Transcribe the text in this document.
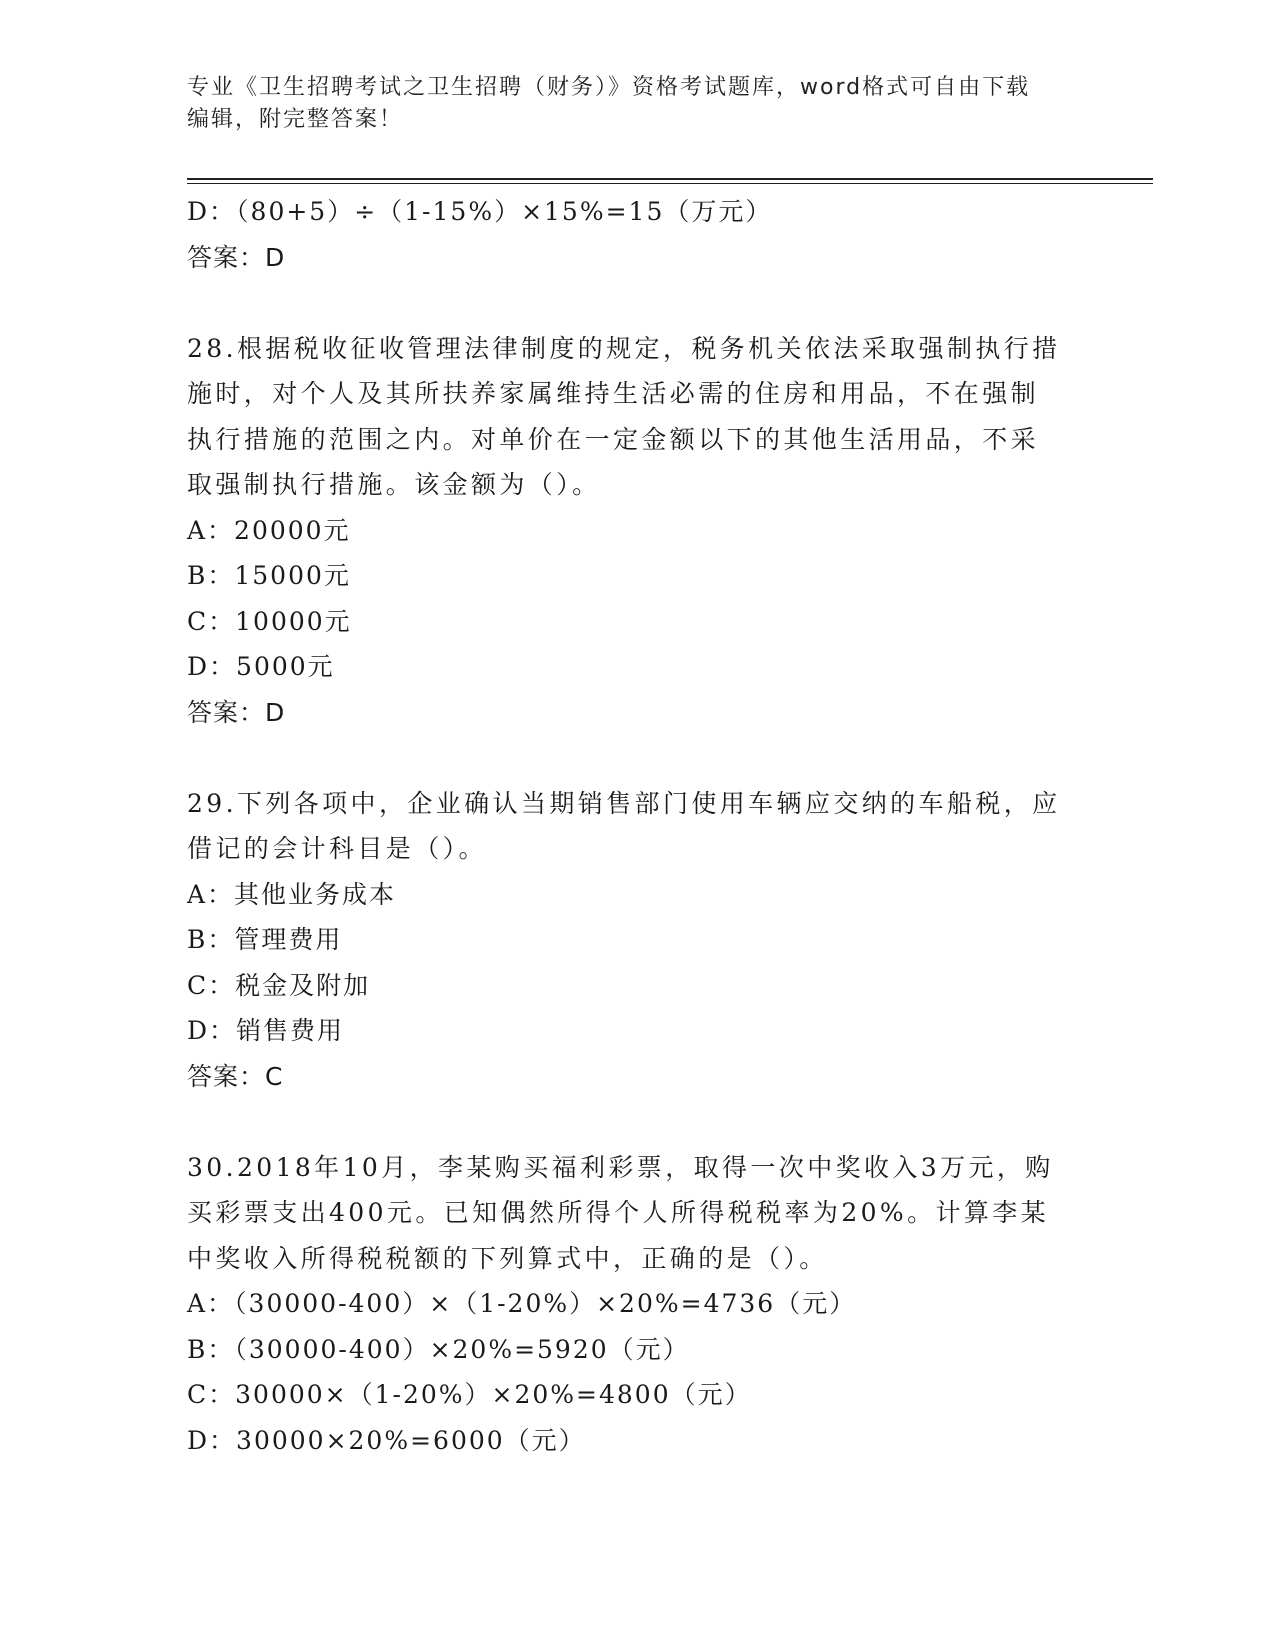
专业《卫生招聘考试之卫生招聘（财务）》资格考试题库，word格式可自由下载
编辑，附完整答案！
D：（80+5）÷（1-15%）×15%=15（万元）
答案：D
28.根据税收征收管理法律制度的规定，税务机关依法采取强制执行措施时，对个人及其所扶养家属维持生活必需的住房和用品，不在强制执行措施的范围之内。对单价在一定金额以下的其他生活用品，不采取强制执行措施。该金额为（）。
A：20000元
B：15000元
C：10000元
D：5000元
答案：D
29.下列各项中，企业确认当期销售部门使用车辆应交纳的车船税，应借记的会计科目是（）。
A：其他业务成本
B：管理费用
C：税金及附加
D：销售费用
答案：C
30.2018年10月，李某购买福利彩票，取得一次中奖收入3万元，购买彩票支出400元。已知偶然所得个人所得税税率为20%。计算李某中奖收入所得税税额的下列算式中，正确的是（）。
A：（30000-400）×（1-20%）×20%=4736（元）
B：（30000-400）×20%=5920（元）
C：30000×（1-20%）×20%=4800（元）
D：30000×20%=6000（元）
